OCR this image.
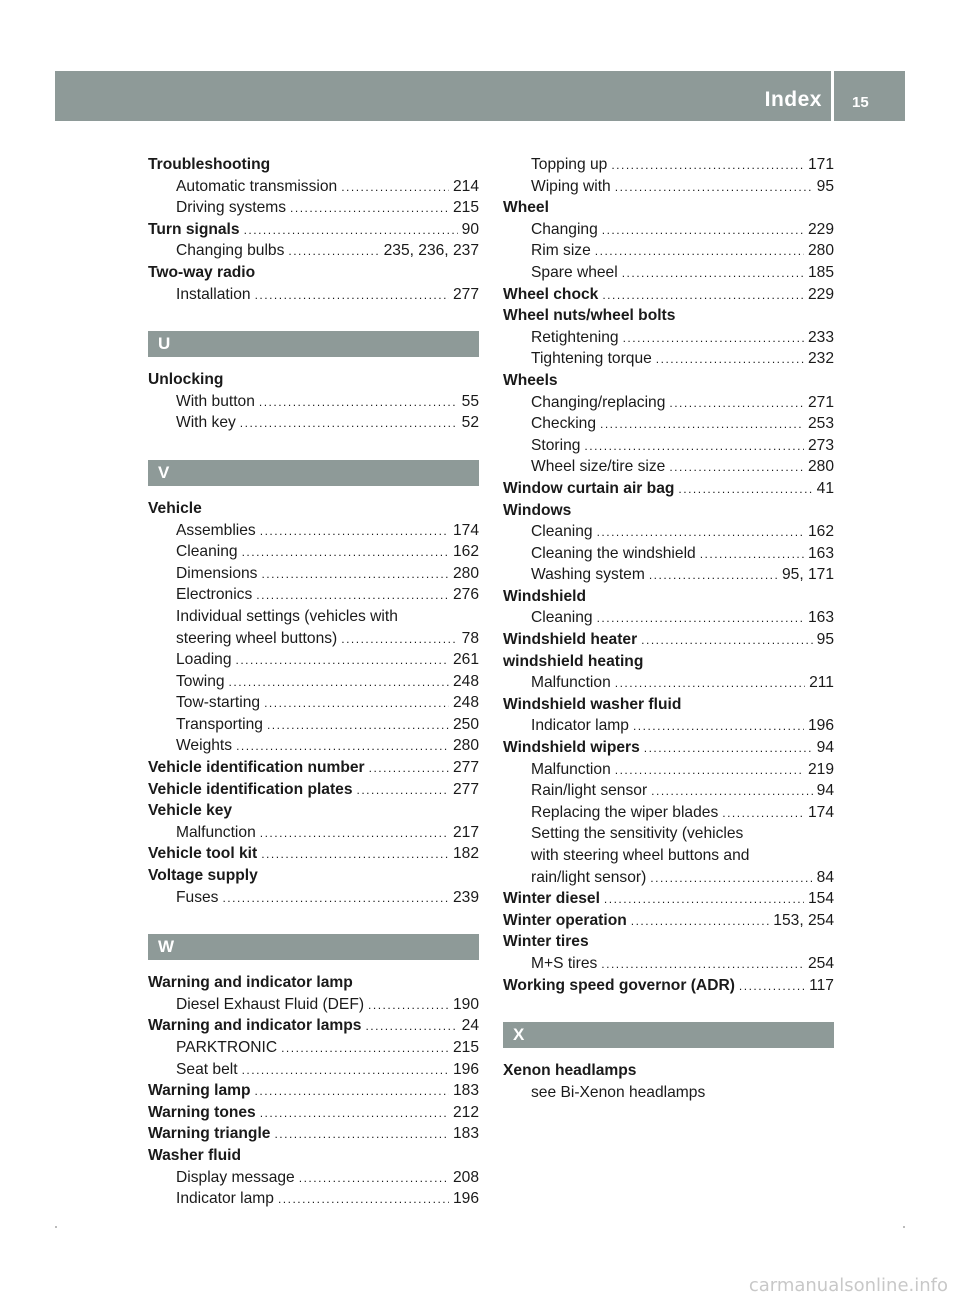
Index 15
Troubleshooting
Automatic transmission .....	214
Driving systems .....	215
Turn signals .....	90
Changing bulbs .....	235, 236, 237
Two-way radio
Installation .....	277
U
Unlocking
With button .....	55
With key .....	52
V
Vehicle
Assemblies .....	174
Cleaning .....	162
Dimensions .....	280
Electronics .....	276
Individual settings (vehicles with
steering wheel buttons) .....	78
Loading .....	261
Towing .....	248
Tow-starting .....	248
Transporting .....	250
Weights .....	280
Vehicle identification number .....	277
Vehicle identification plates .....	277
Vehicle key
Malfunction .....	217
Vehicle tool kit .....	182
Voltage supply
Fuses .....	239
W
Warning and indicator lamp
Diesel Exhaust Fluid (DEF) .....	190
Warning and indicator lamps .....	24
PARKTRONIC .....	215
Seat belt .....	196
Warning lamp .....	183
Warning tones .....	212
Warning triangle .....	183
Washer fluid
Display message .....	208
Indicator lamp .....	196
Topping up .....	171
Wiping with .....	95
Wheel
Changing .....	229
Rim size .....	280
Spare wheel .....	185
Wheel chock .....	229
Wheel nuts/wheel bolts
Retightening .....	233
Tightening torque .....	232
Wheels
Changing/replacing .....	271
Checking .....	253
Storing .....	273
Wheel size/tire size .....	280
Window curtain air bag .....	41
Windows
Cleaning .....	162
Cleaning the windshield .....	163
Washing system .....	95, 171
Windshield
Cleaning .....	163
Windshield heater .....	95
windshield heating
Malfunction .....	211
Windshield washer fluid
Indicator lamp .....	196
Windshield wipers .....	94
Malfunction .....	219
Rain/light sensor .....	94
Replacing the wiper blades .....	174
Setting the sensitivity (vehicles
with steering wheel buttons and
rain/light sensor) .....	84
Winter diesel .....	154
Winter operation .....	153, 254
Winter tires
M+S tires .....	254
Working speed governor (ADR) .....	117
X
Xenon headlamps
see Bi-Xenon headlamps
carmanualsonline.info
